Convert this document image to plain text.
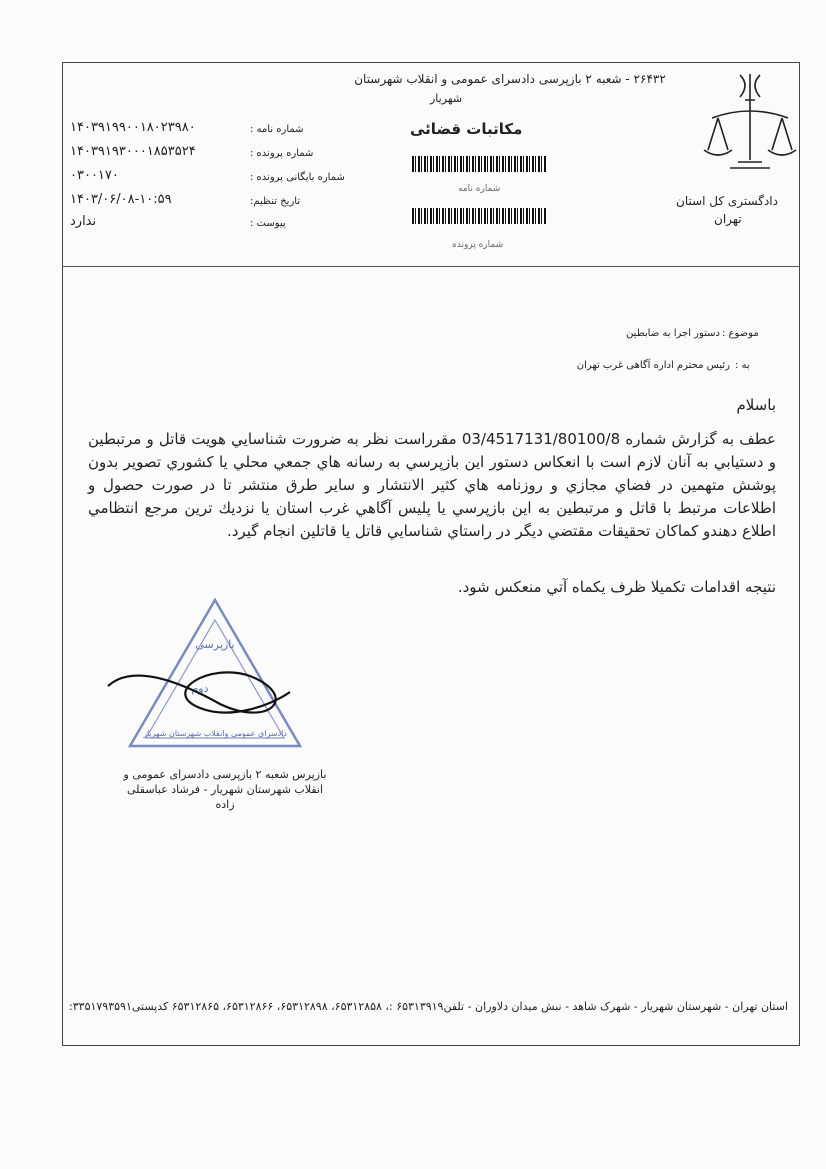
۲۶۴۳۲ - شعبه ۲ بازپرسی دادسرای عمومی و انقلاب شهرستان
شهریار
دادگستری کل استان
تهران
مکاتبات قضائی
شماره نامه
شماره پرونده
شماره نامه :
۱۴۰۳۹۱۹۹۰۰۱۸۰۲۳۹۸۰
شماره پرونده :
۱۴۰۳۹۱۹۳۰۰۰۱۸۵۳۵۲۴
شماره بایگانی پرونده :
۰۳۰۰۱۷۰
تاریخ تنظیم:
۱۴۰۳/۰۶/۰۸-۱۰:۵۹
پیوست :
ندارد
موضوع :
دستور اجرا به ضابطین
به :
رئیس محترم اداره آگاهی غرب تهران
باسلام
عطف به گزارش شماره 03/4517131/80100/8 مقرراست نظر به ضرورت شناسايي هويت قاتل و مرتبطين و دستيابي به آنان لازم است با انعكاس دستور اين بازپرسي به رسانه هاي جمعي محلي يا كشوري تصوير بدون پوشش متهمين در فضاي مجازي و روزنامه هاي كثير الانتشار و ساير طرق منتشر تا در صورت حصول و اطلاعات مرتبط با قاتل و مرتبطين به اين بازپرسي يا پليس آگاهي غرب استان يا نزديك ترين مرجع انتظامي اطلاع دهندو كماكان تحقيقات مقتضي ديگر در راستاي شناسايي قاتل يا قاتلين انجام گيرد.
نتيجه اقدامات تكميلا ظرف يكماه آتي منعكس شود.
بازپرسی
دوم
دادسرای عمومی وانقلاب شهرستان شهریار
بازپرس شعبه ۲ بازپرسی دادسرای عمومی و
انقلاب شهرستان شهریار - فرشاد عباسقلی
زاده
استان تهران - شهرستان شهریار - شهرک شاهد - نبش میدان دلاوران - تلفن۶۵۳۱۳۹۱۹ :، ۶۵۳۱۲۸۵۸، ۶۵۳۱۲۸۹۸، ۶۵۳۱۲۸۶۶، ۶۵۳۱۲۸۶۵ کدپستی۳۳۵۱۷۹۳۵۹۱:
